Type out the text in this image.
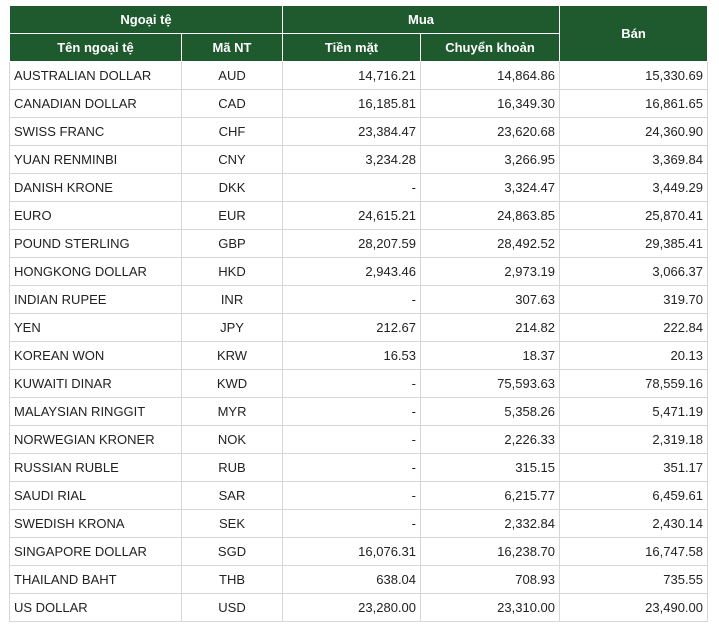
Ngoại tệ		Mua		Bán
Tên ngoại tệ	Mã NT	Tiền mặt	Chuyển khoản	
AUSTRALIAN DOLLAR	AUD	14,716.21	14,864.86	15,330.69
CANADIAN DOLLAR	CAD	16,185.81	16,349.30	16,861.65
SWISS FRANC	CHF	23,384.47	23,620.68	24,360.90
YUAN RENMINBI	CNY	3,234.28	3,266.95	3,369.84
DANISH KRONE	DKK	-	3,324.47	3,449.29
EURO	EUR	24,615.21	24,863.85	25,870.41
POUND STERLING	GBP	28,207.59	28,492.52	29,385.41
HONGKONG DOLLAR	HKD	2,943.46	2,973.19	3,066.37
INDIAN RUPEE	INR	-	307.63	319.70
YEN	JPY	212.67	214.82	222.84
KOREAN WON	KRW	16.53	18.37	20.13
KUWAITI DINAR	KWD	-	75,593.63	78,559.16
MALAYSIAN RINGGIT	MYR	-	5,358.26	5,471.19
NORWEGIAN KRONER	NOK	-	2,226.33	2,319.18
RUSSIAN RUBLE	RUB	-	315.15	351.17
SAUDI RIAL	SAR	-	6,215.77	6,459.61
SWEDISH KRONA	SEK	-	2,332.84	2,430.14
SINGAPORE DOLLAR	SGD	16,076.31	16,238.70	16,747.58
THAILAND BAHT	THB	638.04	708.93	735.55
US DOLLAR	USD	23,280.00	23,310.00	23,490.00
